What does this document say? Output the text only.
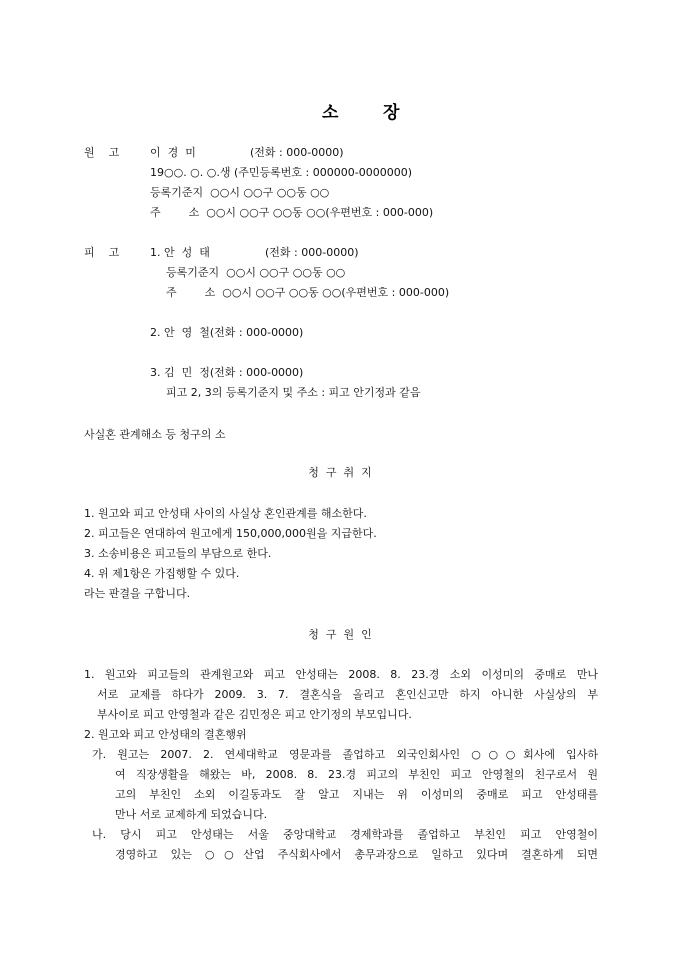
소	장
원    고	이  경  미	(전화 : 000-0000)
19○○. ○. ○.생 (주민등록번호 : 000000-0000000)
등록기준지  ○○시 ○○구 ○○동 ○○
주        소  ○○시 ○○구 ○○동 ○○(우편번호 : 000-000)
피    고	1. 안  성  태	(전화 : 000-0000)
등록기준지  ○○시 ○○구 ○○동 ○○
주        소  ○○시 ○○구 ○○동 ○○(우편번호 : 000-000)
2. 안  영  철(전화 : 000-0000)
3. 김  민  정(전화 : 000-0000)
피고 2, 3의 등록기준지 및 주소 : 피고 안기정과 같음
사실혼 관계해소 등 청구의 소
청  구  취  지
1. 원고와 피고 안성태 사이의 사실상 혼인관계를 해소한다.
2. 피고들은 연대하여 원고에게 150,000,000원을 지급한다.
3. 소송비용은 피고들의 부담으로 한다.
4. 위 제1항은 가집행할 수 있다.
라는 판결을 구합니다.
청  구  원  인
1. 원고와 피고들의 관계원고와 피고 안성태는 2008. 8. 23.경 소외 이성미의 중매로 만나
서로 교제를 하다가 2009. 3. 7. 결혼식을 올리고 혼인신고만 하지 아니한 사실상의 부
부사이로 피고 안영철과 같은 김민정은 피고 안기정의 부모입니다.
2. 원고와 피고 안성태의 결혼행위
가. 원고는 2007. 2. 연세대학교 영문과를 졸업하고 외국인회사인 ○○○회사에 입사하
여 직장생활을 해왔는 바, 2008. 8. 23.경 피고의 부친인 피고 안영철의 친구로서 원
고의 부친인 소외 이길동과도 잘 알고 지내는 위 이성미의 중매로 피고 안성태를
만나 서로 교제하게 되었습니다.
나. 당시 피고 안성태는 서울 중앙대학교 경제학과를 졸업하고 부친인 피고 안영철이
경영하고 있는 ○○산업 주식회사에서 총무과장으로 일하고 있다며 결혼하게 되면
